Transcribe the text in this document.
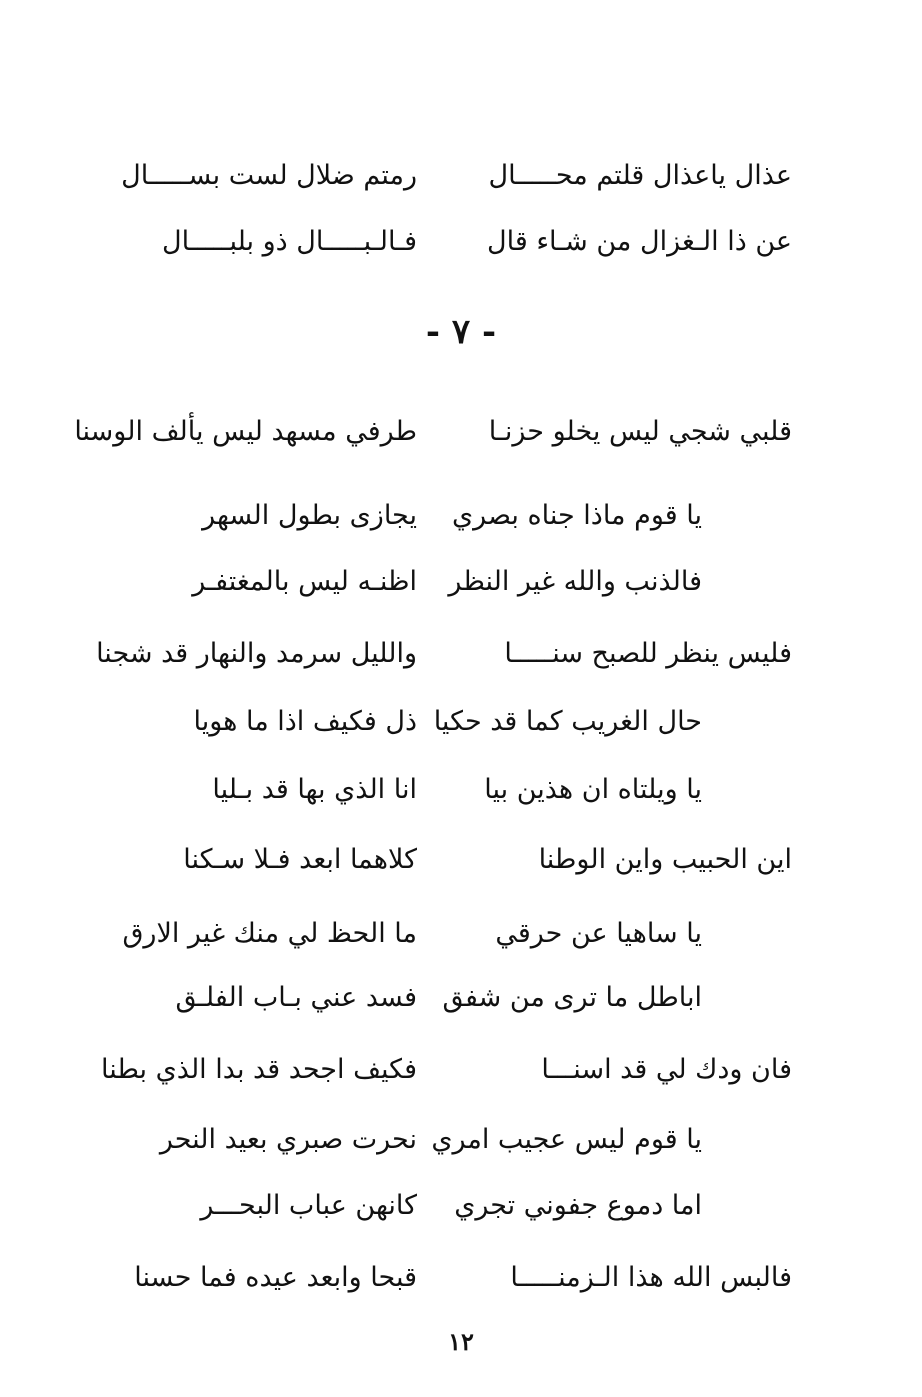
عذال ياعذال قلتم محـــــال

رمتم ضلال لست بســـــال

عن ذا الـغزال من شـاء قال

فـالـبـــــال ذو بلبـــــال

- ٧ -

قلبي شجي ليس يخلو حزنـا

طرفي مسهد ليس يألف الوسنا

يا قوم ماذا جناه بصري

يجازى بطول السهر

فالذنب والله غير النظر

اظنـه ليس بالمغتفـر

فليس ينظر للصبح سنـــــا

والليل سرمد والنهار قد شجنا

حال الغريب كما قد حكيا

ذل فكيف اذا ما هويا

يا ويلتاه ان هذين بيا

انا الذي بها قد بـليا

اين الحبيب واين الوطنا

كلاهما ابعد فـلا سـكنا

يا ساهيا عن حرقي

ما الحظ لي منك غير الارق

اباطل ما ترى من شفق

فسد عني بـاب الفلـق

فان ودك لي قد اسنـــا

فكيف اجحد قد بدا الذي بطنا

يا قوم ليس عجيب امري

نحرت صبري بعيد النحر

اما دموع جفوني تجري

كانهن عباب البحـــر

فالبس الله هذا الـزمنـــــا

قبحا وابعد عيده فما حسنا

١٢
